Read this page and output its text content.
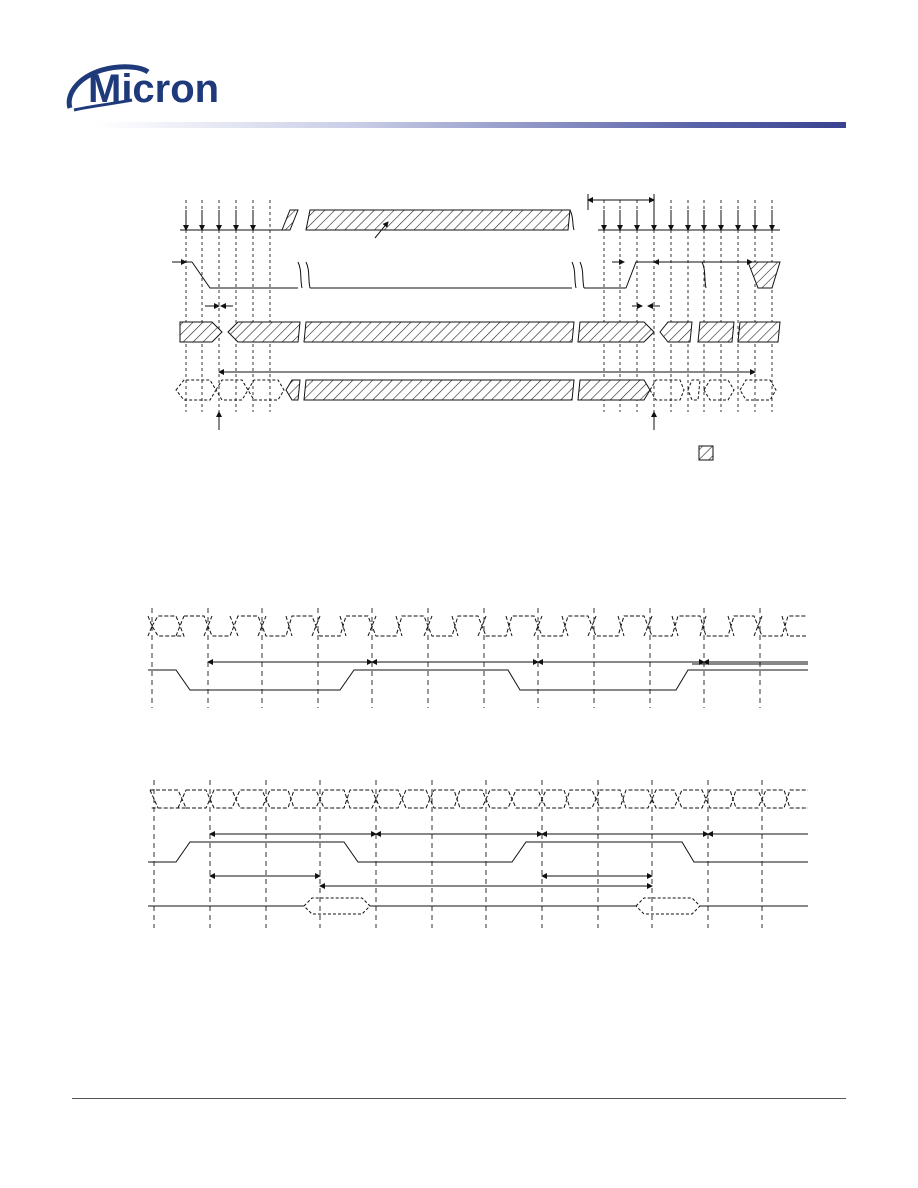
Micron
